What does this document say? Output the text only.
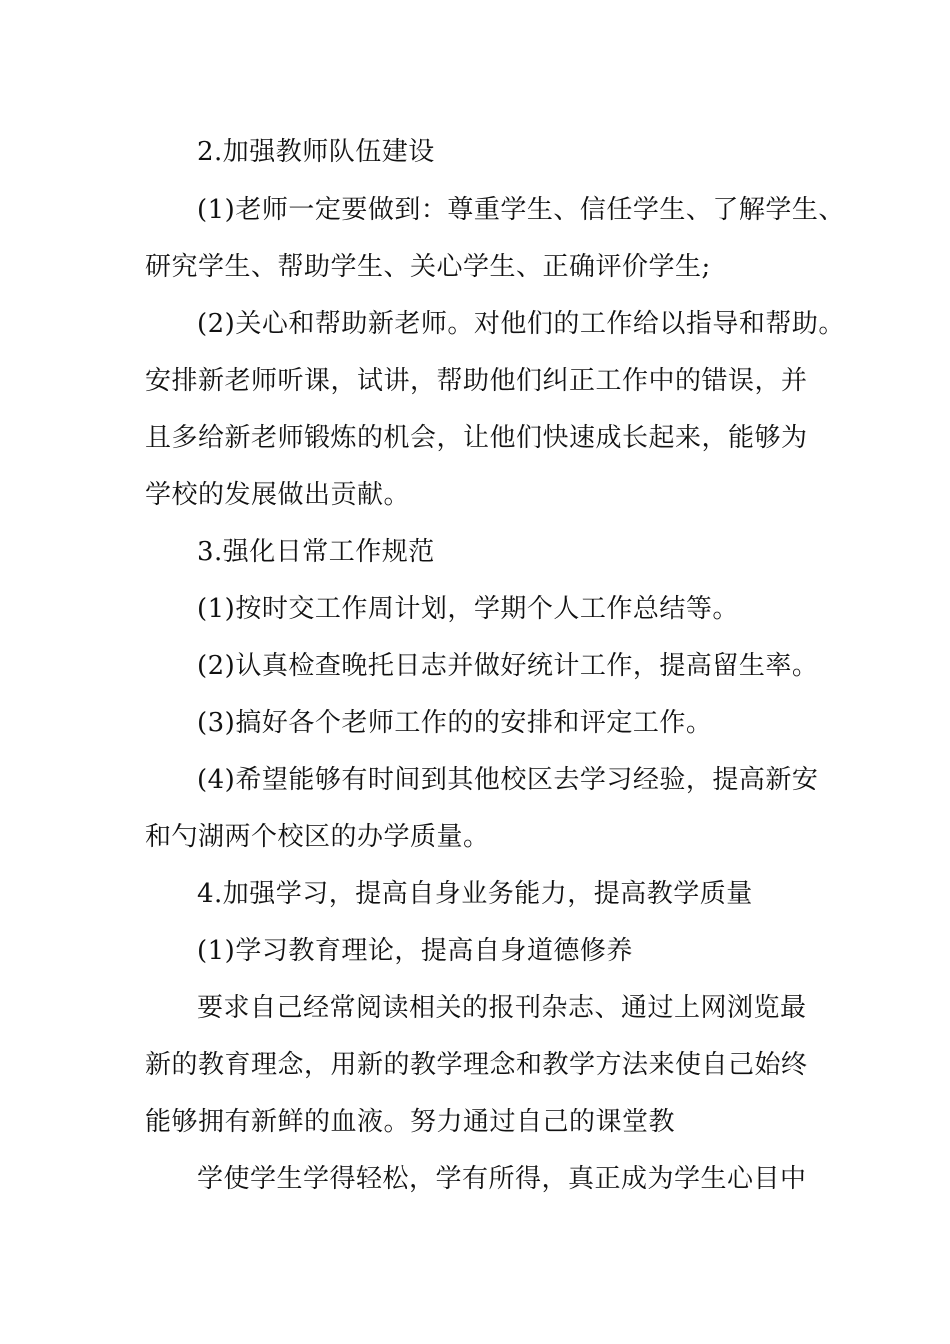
2.加强教师队伍建设
(1)老师一定要做到：尊重学生、信任学生、了解学生、
研究学生、帮助学生、关心学生、正确评价学生;
(2)关心和帮助新老师。对他们的工作给以指导和帮助。
安排新老师听课，试讲，帮助他们纠正工作中的错误，并
且多给新老师锻炼的机会，让他们快速成长起来，能够为
学校的发展做出贡献。
3.强化日常工作规范
(1)按时交工作周计划，学期个人工作总结等。
(2)认真检查晚托日志并做好统计工作，提高留生率。
(3)搞好各个老师工作的的安排和评定工作。
(4)希望能够有时间到其他校区去学习经验，提高新安
和勺湖两个校区的办学质量。
4.加强学习，提高自身业务能力，提高教学质量
(1)学习教育理论，提高自身道德修养
要求自己经常阅读相关的报刊杂志、通过上网浏览最
新的教育理念，用新的教学理念和教学方法来使自己始终
能够拥有新鲜的血液。努力通过自己的课堂教
学使学生学得轻松，学有所得，真正成为学生心目中
